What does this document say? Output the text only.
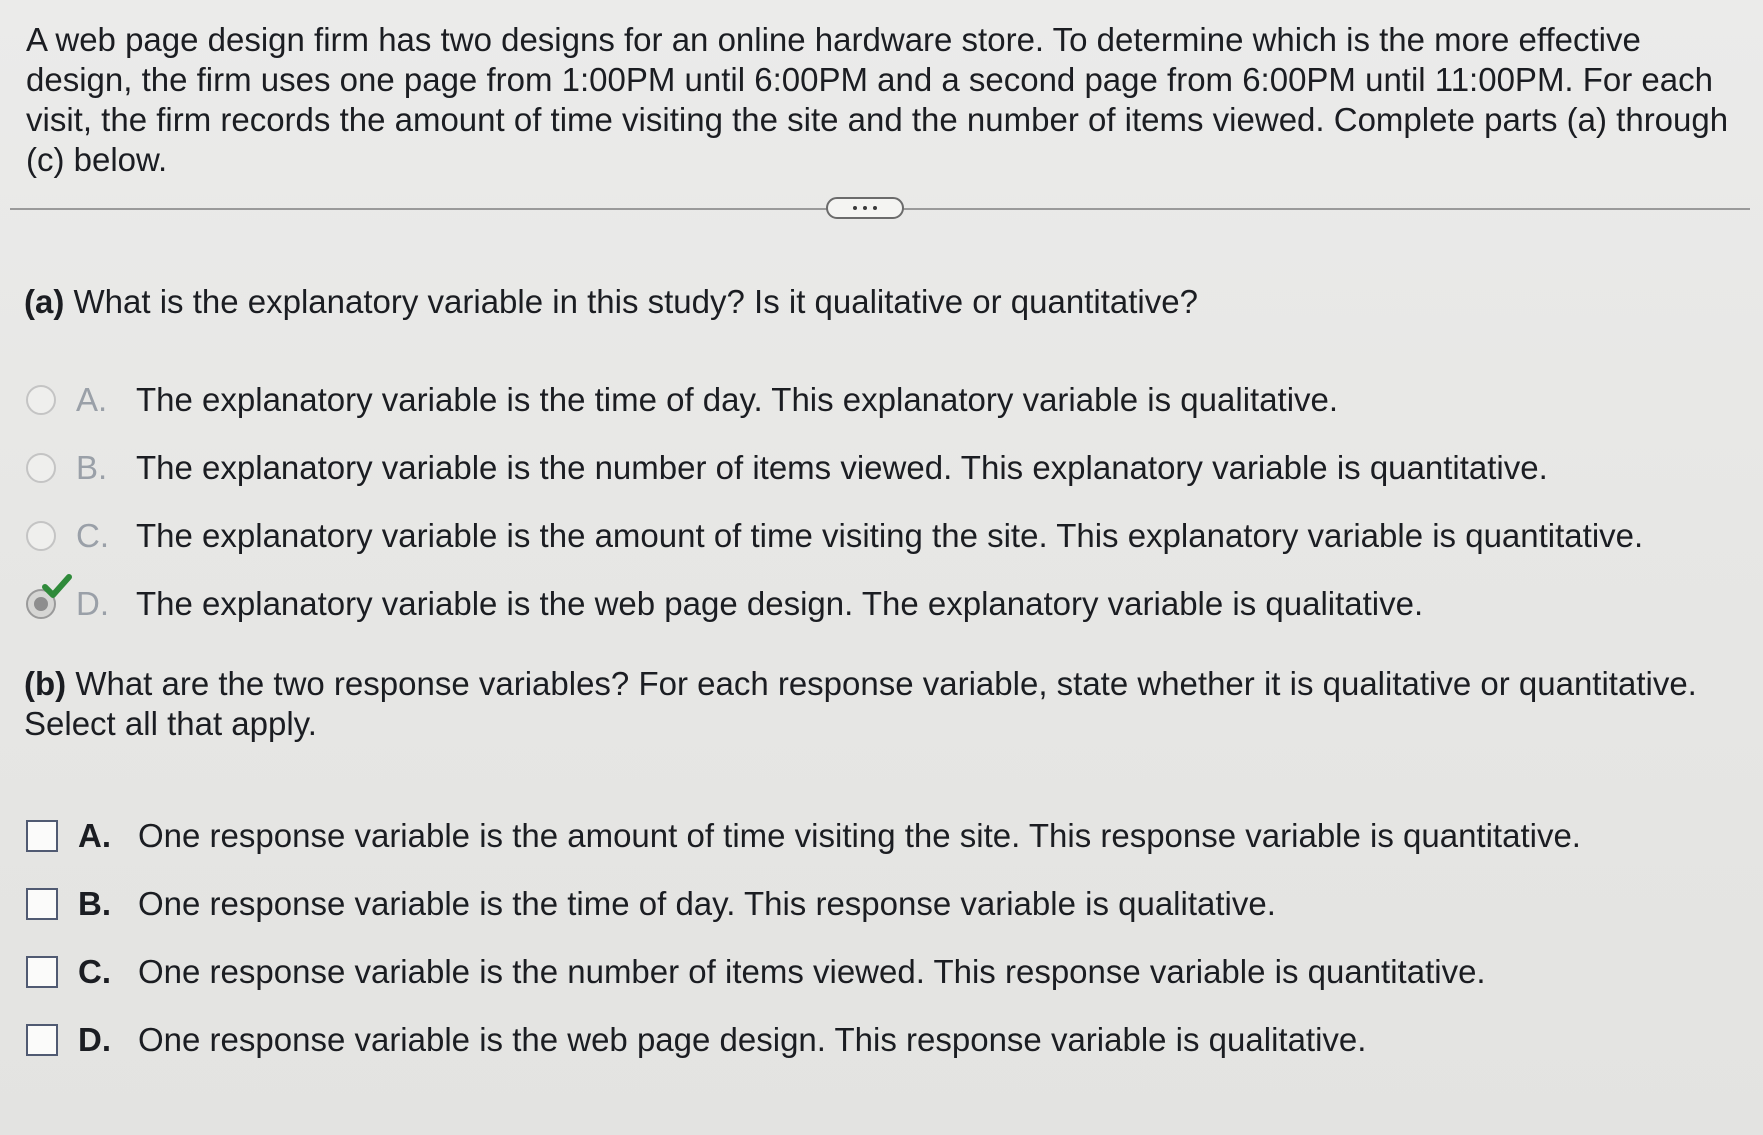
A web page design firm has two designs for an online hardware store. To determine which is the more effective design, the firm uses one page from 1:00PM until 6:00PM and a second page from 6:00PM until 11:00PM. For each visit, the firm records the amount of time visiting the site and the number of items viewed. Complete parts (a) through (c) below.

(a) What is the explanatory variable in this study? Is it qualitative or quantitative?

A. The explanatory variable is the time of day. This explanatory variable is qualitative.
B. The explanatory variable is the number of items viewed. This explanatory variable is quantitative.
C. The explanatory variable is the amount of time visiting the site. This explanatory variable is quantitative.
D. The explanatory variable is the web page design. The explanatory variable is qualitative.

(b) What are the two response variables? For each response variable, state whether it is qualitative or quantitative.
Select all that apply.

A. One response variable is the amount of time visiting the site. This response variable is quantitative.
B. One response variable is the time of day. This response variable is qualitative.
C. One response variable is the number of items viewed. This response variable is quantitative.
D. One response variable is the web page design. This response variable is qualitative.
